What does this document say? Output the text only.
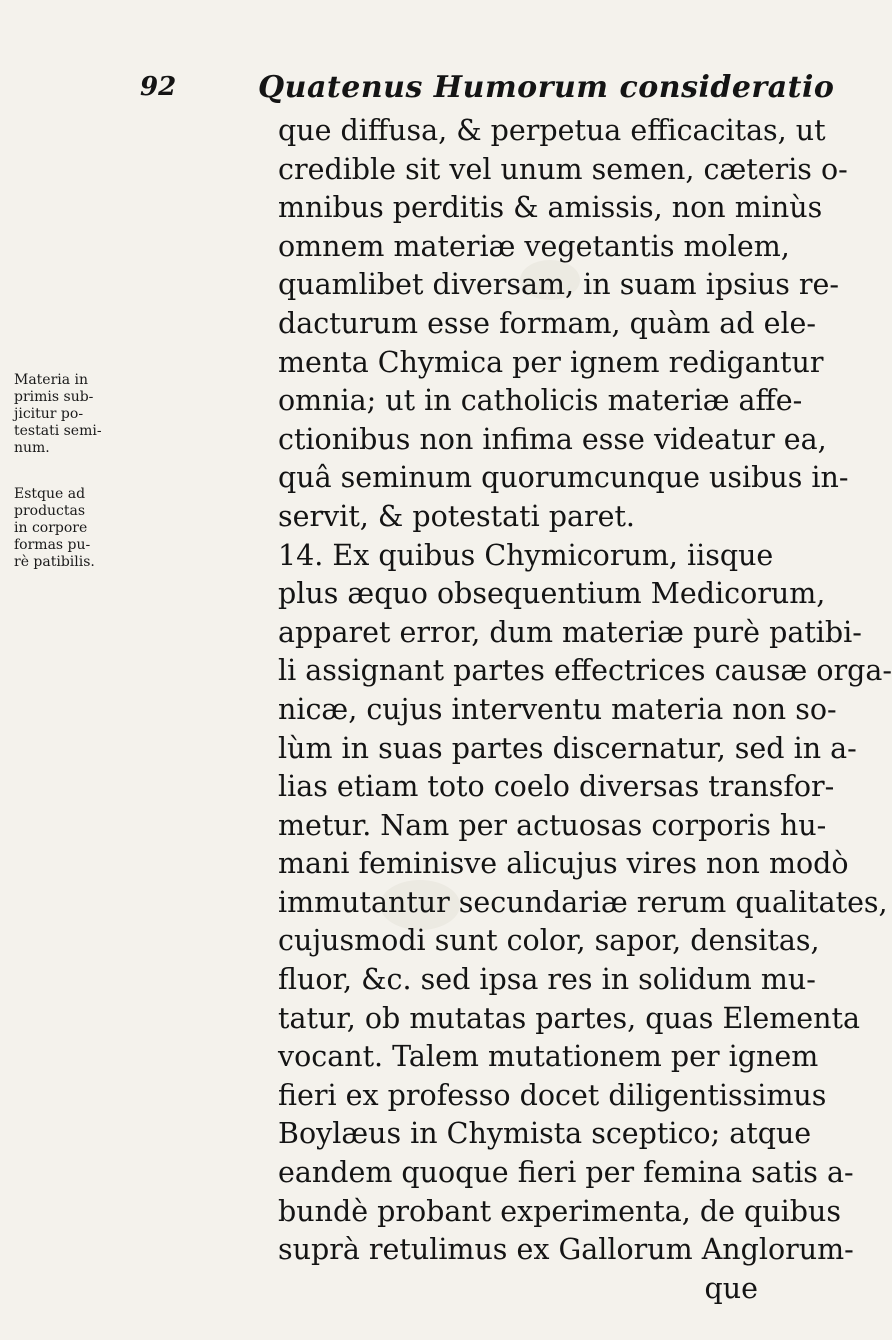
92	Quatenus Humorum consideratio
que diffusa, & perpetua efficacitas, ut
credible sit vel unum semen, cæteris o-
mnibus perditis & amissis, non minùs
omnem materiæ vegetantis molem,
quamlibet diversam, in suam ipsius re-
dacturum esse formam, quàm ad ele-
menta Chymica per ignem redigantur
omnia; ut in catholicis materiæ affe-
ctionibus non infima esse videatur ea,
quâ seminum quorumcunque usibus in-
servit, & potestati paret.
14. Ex quibus Chymicorum, iisque
plus æquo obsequentium Medicorum,
apparet error, dum materiæ purè patibi-
li assignant partes effectrices causæ orga-
nicæ, cujus interventu materia non so-
lùm in suas partes discernatur, sed in a-
lias etiam toto coelo diversas transfor-
metur. Nam per actuosas corporis hu-
mani feminisve alicujus vires non modò
immutantur secundariæ rerum qualitates,
cujusmodi sunt color, sapor, densitas,
fluor, &c. sed ipsa res in solidum mu-
tatur, ob mutatas partes, quas Elementa
vocant. Talem mutationem per ignem
fieri ex professo docet diligentissimus
Boylæus in Chymista sceptico; atque
eandem quoque fieri per femina satis a-
bundè probant experimenta, de quibus
suprà retulimus ex Gallorum Anglorum-
que
Materia in
primis sub-
jicitur po-
testati semi-
num.
Estque ad
productas
in corpore
formas pu-
rè patibilis.
